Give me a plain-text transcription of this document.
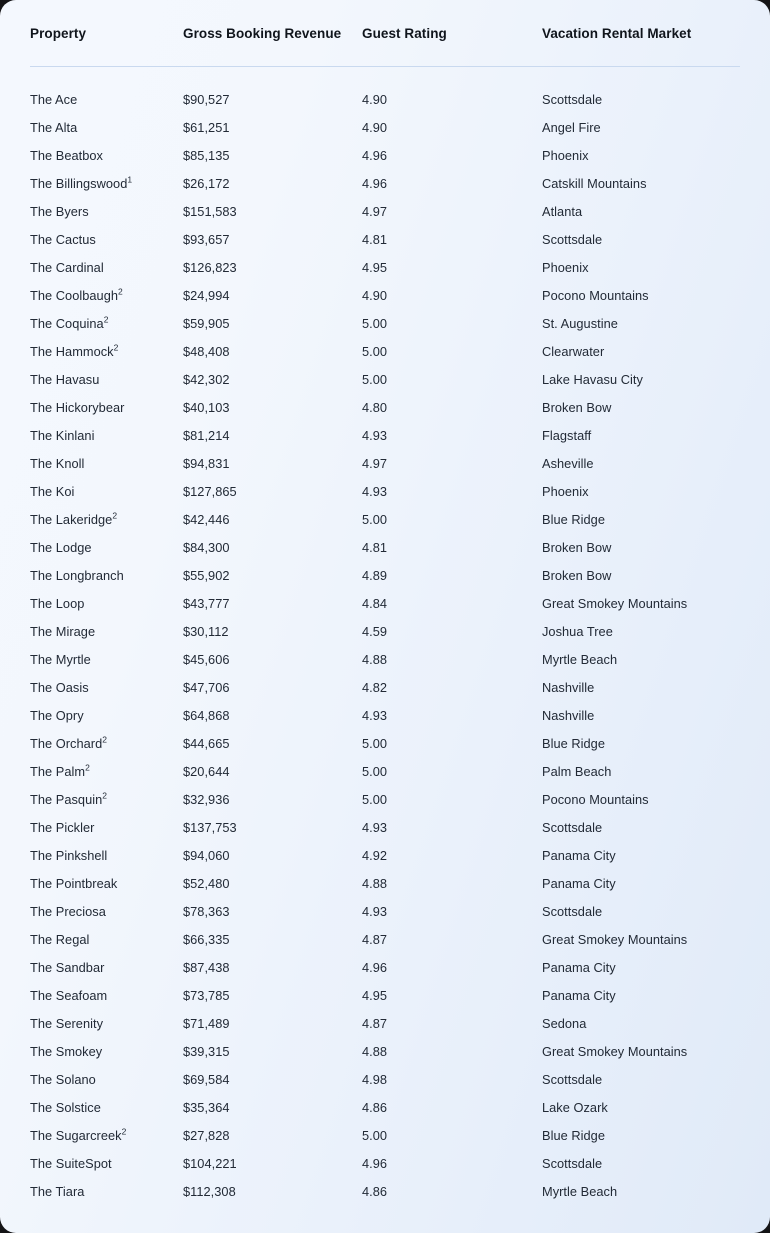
Property	Gross Booking Revenue	Guest Rating	Vacation Rental Market

The Ace	$90,527	4.90	Scottsdale
The Alta	$61,251	4.90	Angel Fire
The Beatbox	$85,135	4.96	Phoenix
The Billingswood$^1$	$26,172	4.96	Catskill Mountains
The Byers	$151,583	4.97	Atlanta
The Cactus	$93,657	4.81	Scottsdale
The Cardinal	$126,823	4.95	Phoenix
The Coolbaugh$^2$	$24,994	4.90	Pocono Mountains
The Coquina$^2$	$59,905	5.00	St. Augustine
The Hammock$^2$	$48,408	5.00	Clearwater
The Havasu	$42,302	5.00	Lake Havasu City
The Hickorybear	$40,103	4.80	Broken Bow
The Kinlani	$81,214	4.93	Flagstaff
The Knoll	$94,831	4.97	Asheville
The Koi	$127,865	4.93	Phoenix
The Lakeridge$^2$	$42,446	5.00	Blue Ridge
The Lodge	$84,300	4.81	Broken Bow
The Longbranch	$55,902	4.89	Broken Bow
The Loop	$43,777	4.84	Great Smokey Mountains
The Mirage	$30,112	4.59	Joshua Tree
The Myrtle	$45,606	4.88	Myrtle Beach
The Oasis	$47,706	4.82	Nashville
The Opry	$64,868	4.93	Nashville
The Orchard$^2$	$44,665	5.00	Blue Ridge
The Palm$^2$	$20,644	5.00	Palm Beach
The Pasquin$^2$	$32,936	5.00	Pocono Mountains
The Pickler	$137,753	4.93	Scottsdale
The Pinkshell	$94,060	4.92	Panama City
The Pointbreak	$52,480	4.88	Panama City
The Preciosa	$78,363	4.93	Scottsdale
The Regal	$66,335	4.87	Great Smokey Mountains
The Sandbar	$87,438	4.96	Panama City
The Seafoam	$73,785	4.95	Panama City
The Serenity	$71,489	4.87	Sedona
The Smokey	$39,315	4.88	Great Smokey Mountains
The Solano	$69,584	4.98	Scottsdale
The Solstice	$35,364	4.86	Lake Ozark
The Sugarcreek$^2$	$27,828	5.00	Blue Ridge
The SuiteSpot	$104,221	4.96	Scottsdale
The Tiara	$112,308	4.86	Myrtle Beach
